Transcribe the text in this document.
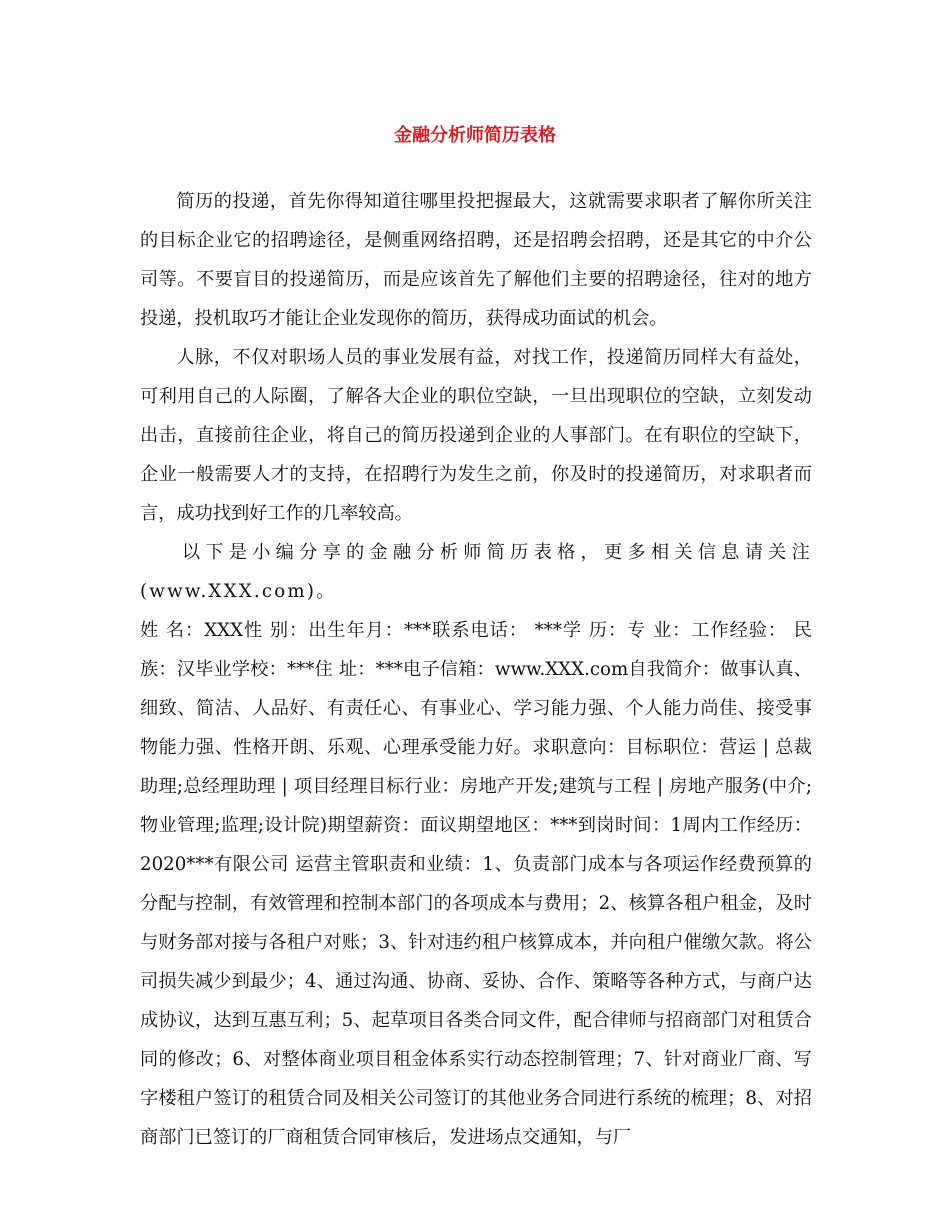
金融分析师简历表格

简历的投递，首先你得知道往哪里投把握最大，这就需要求职者了解你所关注的目标企业它的招聘途径，是侧重网络招聘，还是招聘会招聘，还是其它的中介公司等。不要盲目的投递简历，而是应该首先了解他们主要的招聘途径，往对的地方投递，投机取巧才能让企业发现你的简历，获得成功面试的机会。

人脉，不仅对职场人员的事业发展有益，对找工作，投递简历同样大有益处，可利用自己的人际圈，了解各大企业的职位空缺，一旦出现职位的空缺，立刻发动出击，直接前往企业，将自己的简历投递到企业的人事部门。在有职位的空缺下，企业一般需要人才的支持，在招聘行为发生之前，你及时的投递简历，对求职者而言，成功找到好工作的几率较高。

以下是小编分享的金融分析师简历表格，更多相关信息请关注(www.XXX.com)。

姓 名：XXX性 别：出生年月：***联系电话： ***学 历：专 业：工作经验： 民族：汉毕业学校：***住 址：***电子信箱：www.XXX.com自我简介：做事认真、细致、简洁、人品好、有责任心、有事业心、学习能力强、个人能力尚佳、接受事物能力强、性格开朗、乐观、心理承受能力好。求职意向：目标职位：营运 | 总裁助理;总经理助理 | 项目经理目标行业：房地产开发;建筑与工程 | 房地产服务(中介;物业管理;监理;设计院)期望薪资：面议期望地区：***到岗时间：1周内工作经历：2020***有限公司 运营主管职责和业绩：1、负责部门成本与各项运作经费预算的分配与控制，有效管理和控制本部门的各项成本与费用；2、核算各租户租金，及时与财务部对接与各租户对账；3、针对违约租户核算成本，并向租户催缴欠款。将公司损失减少到最少；4、通过沟通、协商、妥协、合作、策略等各种方式，与商户达成协议，达到互惠互利；5、起草项目各类合同文件，配合律师与招商部门对租赁合同的修改；6、对整体商业项目租金体系实行动态控制管理；7、针对商业厂商、写字楼租户签订的租赁合同及相关公司签订的其他业务合同进行系统的梳理；8、对招商部门已签订的厂商租赁合同审核后，发进场点交通知，与厂
